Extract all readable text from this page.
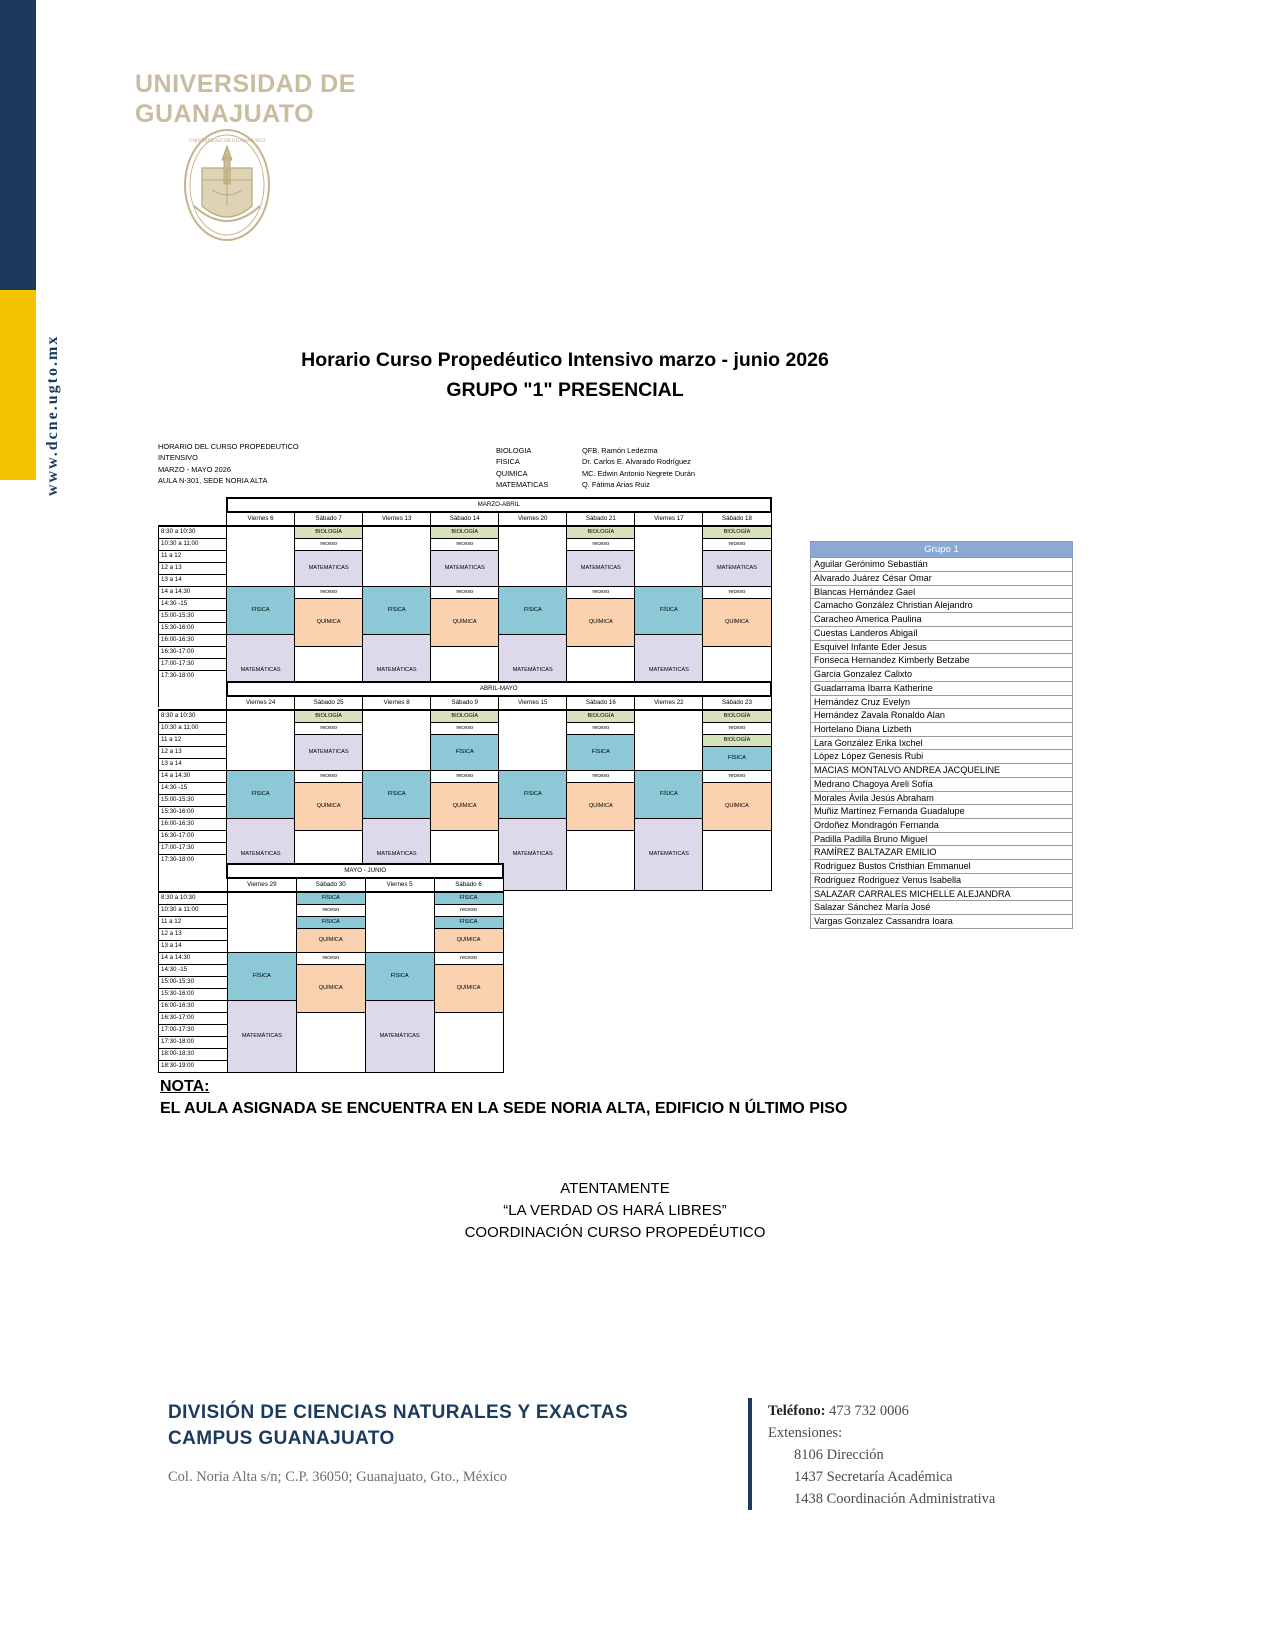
www.dcne.ugto.mx
UNIVERSIDAD DE
GUANAJUATO
UNIVERSIDAD DE GUANAJUATO
Horario Curso Propedéutico Intensivo marzo - junio 2026
GRUPO "1" PRESENCIAL
HORARIO DEL CURSO PROPEDEUTICO
INTENSIVO
MARZO - MAYO 2026
AULA N-301, SEDE NORIA ALTA
BIOLOGIA	QFB. Ramón Ledezma
FISICA	Dr. Carlos E. Alvarado Rodríguez
QUIMICA	MC. Edwin Antonio Negrete Durán
MATEMATICAS	Q. Fátima Arias Ruiz
	MARZO-ABRIL							
	Viernes 6	Sábado 7	Viernes 13	Sábado 14	Viernes 20	Sábado 21	Viernes 17	Sábado 18
8:30 a 10:30		BIOLOGÍA		BIOLOGÍA		BIOLOGÍA		BIOLOGÍA
10:30 a 11:00		receso		receso		receso		receso
11 a 12		MATEMÁTICAS		MATEMÁTICAS		MATEMÁTICAS		MATEMÁTICAS
12 a 13								
13 a 14								
14 a 14:30	FÍSICA	receso	FÍSICA	receso	FÍSICA	receso	FÍSICA	receso
14:30 -15		QUÍMICA		QUÍMICA		QUÍMICA		QUÍMICA
15:00-15:30								
15:30-16:00								
16:00-16:30	MATEMÁTICAS		MATEMÁTICAS		MATEMÁTICAS		MATEMÁTICAS	
16:30-17:00								
17:00-17:30								
17:30-18:00								

	ABRIL-MAYO							
	Viernes 24	Sábado 25	Viernes 8	Sábado 9	Viernes 15	Sábado 16	Viernes 22	Sábado 23
8:30 a 10:30		BIOLOGÍA		BIOLOGÍA		BIOLOGÍA		BIOLOGÍA
10:30 a 11:00		receso		receso		receso		receso
11 a 12		MATEMÁTICAS		FÍSICA		FÍSICA		BIOLOGÍA
12 a 13								FÍSICA
13 a 14								
14 a 14:30	FÍSICA	receso	FÍSICA	receso	FÍSICA	receso	FÍSICA	receso
14:30 -15		QUÍMICA		QUÍMICA		QUÍMICA		QUÍMICA
15:00-15:30								
15:30-16:00								
16:00-16:30	MATEMÁTICAS		MATEMÁTICAS		MATEMÁTICAS		MATEMÁTICAS	
16:30-17:00								
17:00-17:30								
17:30-18:00								

	MAYO - JUNIO			
	Viernes 29	Sábado 30	Viernes 5	Sábado 6
8:30 a 10:30		FÍSICA		FÍSICA
10:30 a 11:00		receso		receso
11 a 12		FÍSICA		FÍSICA
12 a 13		QUÍMICA		QUÍMICA
13 a 14				
14 a 14:30	FÍSICA	receso	FÍSICA	receso
14:30 -15		QUÍMICA		QUÍMICA
15:00-15:30				
15:30-16:00				
16:00-16:30	MATEMÁTICAS		MATEMÁTICAS	
16:30-17:00				
17:00-17:30				
17:30-18:00				
18:00-18:30				
18:30-19:00				
Grupo 1
Aguilar Gerónimo Sebastián
Alvarado Juárez César Omar
Blancas Hernández Gael
Camacho González Christian Alejandro
Caracheo America Paulina
Cuestas Landeros Abigaíl
Esquivel Infante Eder Jesus
Fonseca Hernandez Kimberly Betzabe
Garcia Gonzalez Calixto
Guadarrama Ibarra Katherine
Hernández Cruz Evelyn
Hernández Zavala Ronaldo Alan
Hortelano Diana Lizbeth
Lara González Erika Ixchel
López López Genesis Rubi
MACIAS MONTALVO ANDREA JACQUELINE
Medrano Chagoya Areli Sofía
Morales Ávila Jesús Abraham
Muñiz Martínez Fernanda Guadalupe
Ordoñez Mondragón Fernanda
Padilla Padilla Bruno Miguel
RAMÍREZ BALTAZAR EMILIO
Rodríguez Bustos Cristhian Emmanuel
Rodriguez Rodriguez Venus Isabella
SALAZAR CARRALES MICHELLE ALEJANDRA
Salazar Sánchez María José
Vargas Gonzalez Cassandra Ioara
NOTA:
EL AULA ASIGNADA SE ENCUENTRA EN LA SEDE NORIA ALTA, EDIFICIO N ÚLTIMO PISO
ATENTAMENTE
“LA VERDAD OS HARÁ LIBRES”
COORDINACIÓN CURSO PROPEDÉUTICO
DIVISIÓN DE CIENCIAS NATURALES Y EXACTAS
CAMPUS GUANAJUATO
Col. Noria Alta s/n; C.P. 36050; Guanajuato, Gto., México
Teléfono: 473 732 0006
Extensiones:
8106 Dirección
1437 Secretaría Académica
1438 Coordinación Administrativa
